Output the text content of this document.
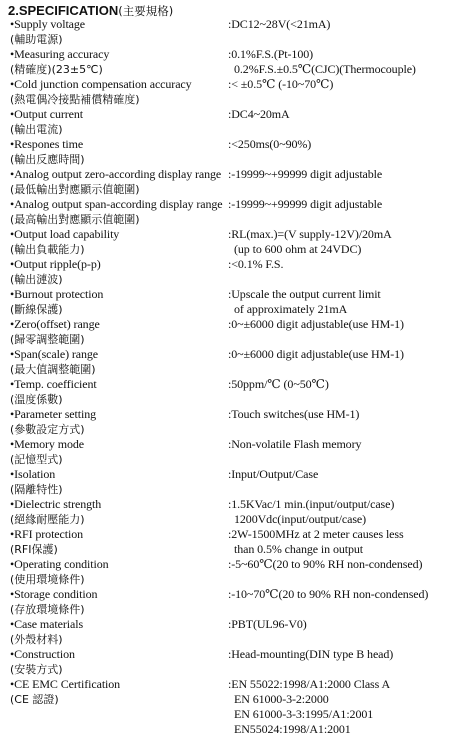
2.SPECIFICATION(主要規格)
•Supply voltage
(輔助電源)
:DC12~28V(<21mA)
•Measuring accuracy
(精確度)(23±5℃)
:0.1%F.S.(Pt-100)
0.2%F.S.±0.5℃(CJC)(Thermocouple)
•Cold junction compensation accuracy
(熱電偶冷接點補償精確度)
:< ±0.5℃ (-10~70℃)
•Output current
(輸出電流)
:DC4~20mA
•Respones time
(輸出反應時間)
:<250ms(0~90%)
•Analog output zero-according display range
(最低輸出對應顯示值範圍)
:-19999~+99999 digit adjustable
•Analog output span-according display range
(最高輸出對應顯示值範圍)
:-19999~+99999 digit adjustable
•Output load capability
(輸出負載能力)
:RL(max.)=(V supply-12V)/20mA
(up to 600 ohm at 24VDC)
•Output ripple(p-p)
(輸出漣波)
:<0.1% F.S.
•Burnout protection
(斷線保護)
:Upscale the output current limit
of approximately 21mA
•Zero(offset) range
(歸零調整範圍)
:0~±6000 digit adjustable(use HM-1)
•Span(scale) range
(最大值調整範圍)
:0~±6000 digit adjustable(use HM-1)
•Temp. coefficient
(溫度係數)
:50ppm/℃ (0~50℃)
•Parameter setting
(參數設定方式)
:Touch switches(use HM-1)
•Memory mode
(記憶型式)
:Non-volatile Flash memory
•Isolation
(隔離特性)
:Input/Output/Case
•Dielectric strength
(絕緣耐壓能力)
:1.5KVac/1 min.(input/output/case)
1200Vdc(input/output/case)
•RFI protection
(RFI保護)
:2W-1500MHz at 2 meter causes less
than 0.5% change in output
•Operating condition
(使用環境條件)
:-5~60℃(20 to 90% RH non-condensed)
•Storage condition
(存放環境條件)
:-10~70℃(20 to 90% RH non-condensed)
•Case materials
(外殼材料)
:PBT(UL96-V0)
•Construction
(安裝方式)
:Head-mounting(DIN type B head)
•CE EMC Certification
(CE 認證)
:EN 55022:1998/A1:2000 Class A
EN 61000-3-2:2000
EN 61000-3-3:1995/A1:2001
EN55024:1998/A1:2001
